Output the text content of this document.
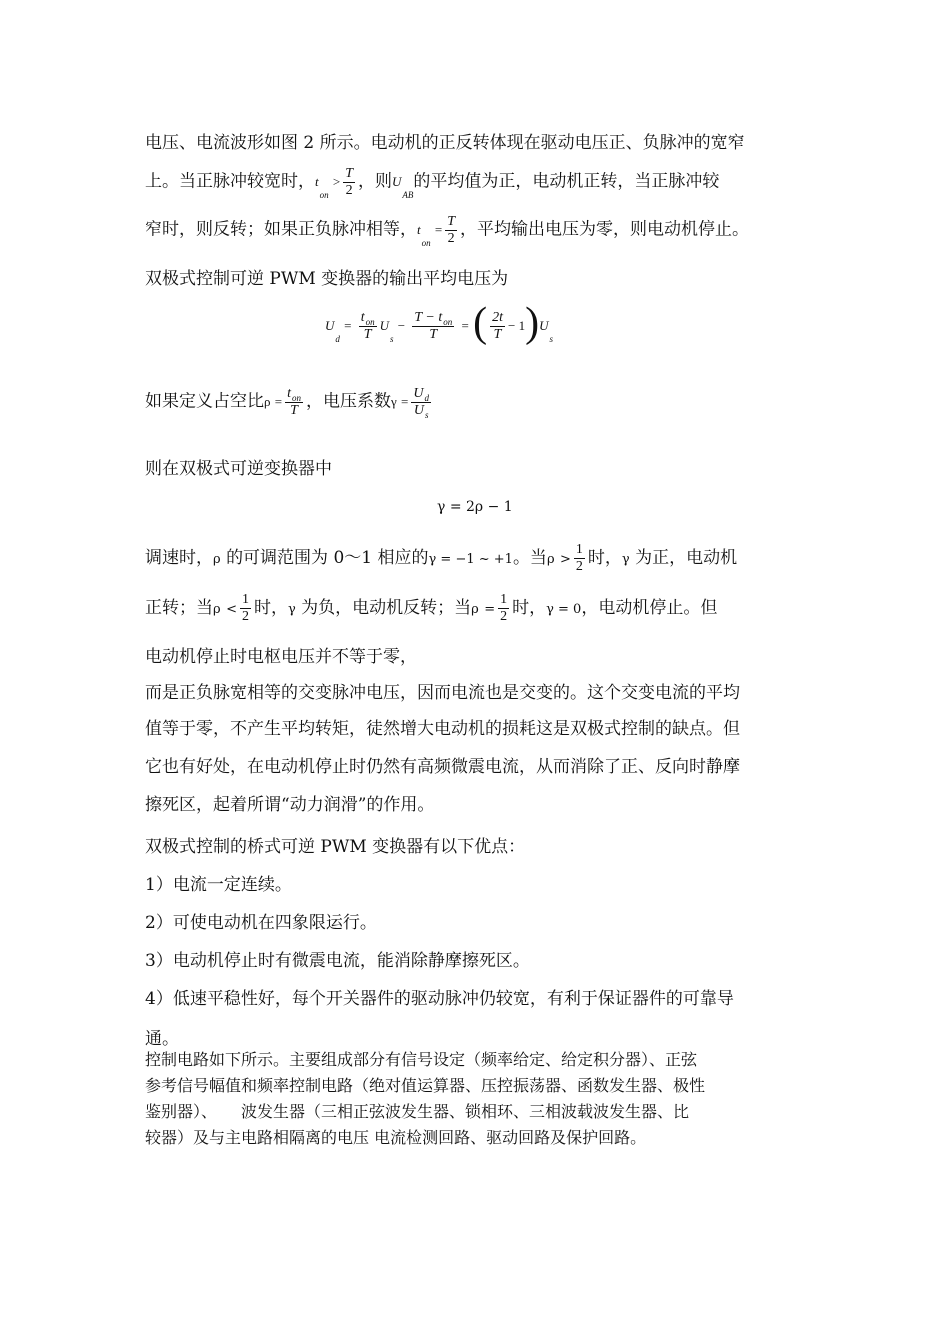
电压、电流波形如图 2 所示。电动机的正反转体现在驱动电压正、负脉冲的宽窄
上。当正脉冲较宽时，$t_{on} > \frac{T}{2}$ ，则$U_{AB}$的平均值为正，电动机正转，当正脉冲较
窄时，则反转；如果正负脉冲相等，$t_{on} = \frac{T}{2}$ ，平均输出电压为零，则电动机停止。
双极式控制可逆 PWM 变换器的输出平均电压为
$U_d = \frac{t_{on}}{T} U_s - \frac{T - t_{on}}{T}$ = ( $\frac{2t}{T} - 1)U_s$
如果定义占空比$\rho = \frac{t_{on}}{T}$ ，电压系数$\gamma = \frac{U_d}{U_s}$
则在双极式可逆变换器中
γ = 2ρ − 1
调速时，ρ 的可调范围为 0～1 相应的γ = −1 ~ +1。当$\rho > \frac{1}{2}$ 时，γ 为正，电动机
正转；当$\rho < \frac{1}{2}$ 时，γ 为负，电动机反转；当$\rho = \frac{1}{2}$ 时，γ = 0，电动机停止。但
电动机停止时电枢电压并不等于零，
而是正负脉宽相等的交变脉冲电压，因而电流也是交变的。这个交变电流的平均
值等于零，不产生平均转矩，徒然增大电动机的损耗这是双极式控制的缺点。但
它也有好处，在电动机停止时仍然有高频微震电流，从而消除了正、反向时静摩
擦死区，起着所谓“动力润滑”的作用。
双极式控制的桥式可逆 PWM 变换器有以下优点：
1）电流一定连续。
2）可使电动机在四象限运行。
3）电动机停止时有微震电流，能消除静摩擦死区。
4）低速平稳性好，每个开关器件的驱动脉冲仍较宽，有利于保证器件的可靠导
通。
控制电路如下所示。主要组成部分有信号设定（频率给定、给定积分器）、正弦
参考信号幅值和频率控制电路（绝对值运算器、压控振荡器、函数发生器、极性
鉴别器）、　　波发生器（三相正弦波发生器、锁相环、三相波载波发生器、比
较器）及与主电路相隔离的电压 电流检测回路、驱动回路及保护回路。
